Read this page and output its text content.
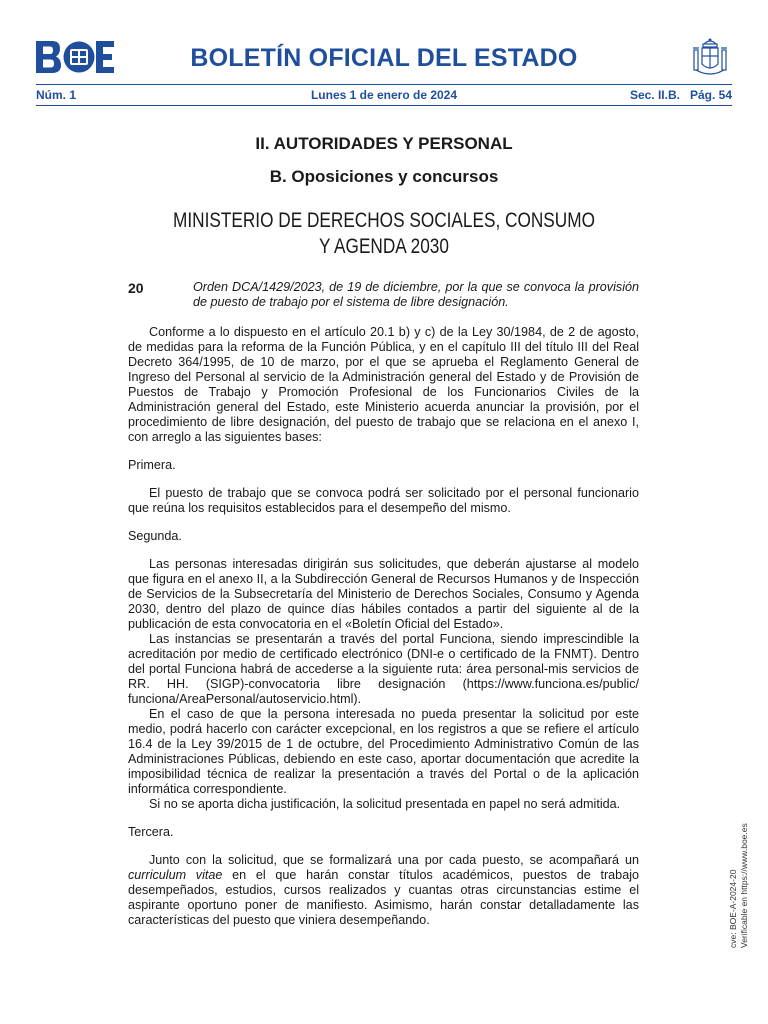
BOLETÍN OFICIAL DEL ESTADO
Núm. 1	Lunes 1 de enero de 2024	Sec. II.B. Pág. 54
II. AUTORIDADES Y PERSONAL
B. Oposiciones y concursos
MINISTERIO DE DERECHOS SOCIALES, CONSUMO
Y AGENDA 2030
20	Orden DCA/1429/2023, de 19 de diciembre, por la que se convoca la provisión de puesto de trabajo por el sistema de libre designación.

Conforme a lo dispuesto en el artículo 20.1 b) y c) de la Ley 30/1984, de 2 de agosto, de medidas para la reforma de la Función Pública, y en el capítulo III del título III del Real Decreto 364/1995, de 10 de marzo, por el que se aprueba el Reglamento General de Ingreso del Personal al servicio de la Administración general del Estado y de Provisión de Puestos de Trabajo y Promoción Profesional de los Funcionarios Civiles de la Administración general del Estado, este Ministerio acuerda anunciar la provisión, por el procedimiento de libre designación, del puesto de trabajo que se relaciona en el anexo I, con arreglo a las siguientes bases:

Primera.

El puesto de trabajo que se convoca podrá ser solicitado por el personal funcionario que reúna los requisitos establecidos para el desempeño del mismo.

Segunda.

Las personas interesadas dirigirán sus solicitudes, que deberán ajustarse al modelo que figura en el anexo II, a la Subdirección General de Recursos Humanos y de Inspección de Servicios de la Subsecretaría del Ministerio de Derechos Sociales, Consumo y Agenda 2030, dentro del plazo de quince días hábiles contados a partir del siguiente al de la publicación de esta convocatoria en el «Boletín Oficial del Estado».

Las instancias se presentarán a través del portal Funciona, siendo imprescindible la acreditación por medio de certificado electrónico (DNI-e o certificado de la FNMT). Dentro del portal Funciona habrá de accederse a la siguiente ruta: área personal-mis servicios de RR. HH. (SIGP)-convocatoria libre designación (https://www.funciona.es/public/ funciona/AreaPersonal/autoservicio.html).

En el caso de que la persona interesada no pueda presentar la solicitud por este medio, podrá hacerlo con carácter excepcional, en los registros a que se refiere el artículo 16.4 de la Ley 39/2015 de 1 de octubre, del Procedimiento Administrativo Común de las Administraciones Públicas, debiendo en este caso, aportar documentación que acredite la imposibilidad técnica de realizar la presentación a través del Portal o de la aplicación informática correspondiente.

Si no se aporta dicha justificación, la solicitud presentada en papel no será admitida.

Tercera.

Junto con la solicitud, que se formalizará una por cada puesto, se acompañará un curriculum vitae en el que harán constar títulos académicos, puestos de trabajo desempeñados, estudios, cursos realizados y cuantas otras circunstancias estime el aspirante oportuno poner de manifiesto. Asimismo, harán constar detalladamente las características del puesto que viniera desempeñando.	cve: BOE-A-2024-20 Verificable en https://www.boe.es
